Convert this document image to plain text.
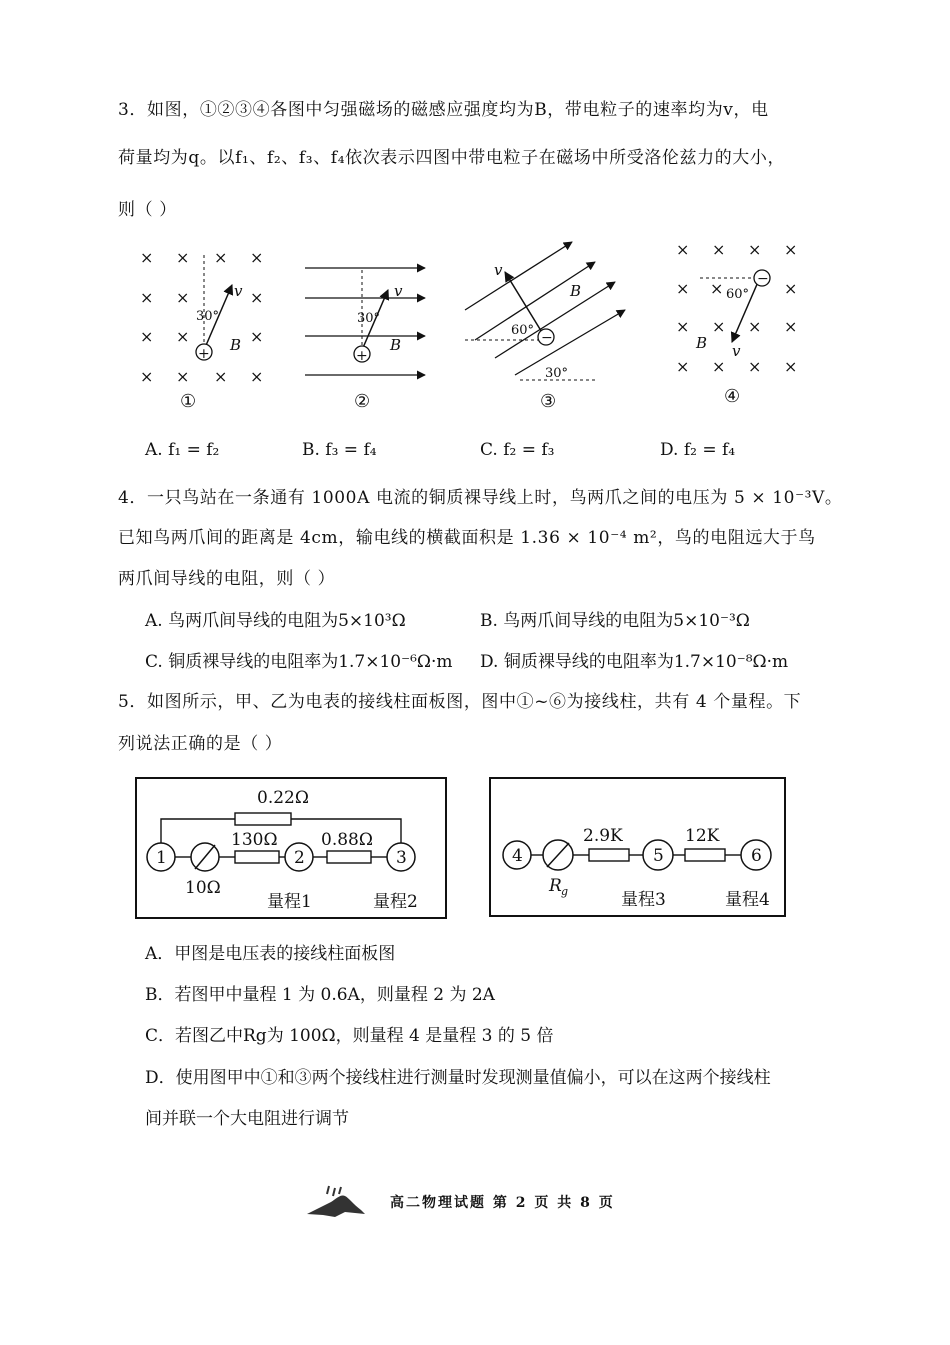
3．如图，①②③④各图中匀强磁场的磁感应强度均为B，带电粒子的速率均为v，电
荷量均为q。以f₁、f₂、f₃、f₄依次表示四图中带电粒子在磁场中所受洛伦兹力的大小，
则（ ）
× × × ×
× ×	×
× ×	×
× × × ×
+
30°
v
B
①
+
30°
v
B
②
−
60°
30°
v
B
③
× × × ×
× ×	×
× × × ×
× × × ×
−
60°
v
B
④
A. f₁ = f₂	B. f₃ = f₄	C. f₂ = f₃	D. f₂ = f₄
4．一只鸟站在一条通有 1000A 电流的铜质裸导线上时，鸟两爪之间的电压为 5 × 10⁻³V。
已知鸟两爪间的距离是 4cm，输电线的横截面积是 1.36 × 10⁻⁴ m²，鸟的电阻远大于鸟
两爪间导线的电阻，则（ ）
A. 鸟两爪间导线的电阻为5×10³Ω	B. 鸟两爪间导线的电阻为5×10⁻³Ω
C. 铜质裸导线的电阻率为1.7×10⁻⁶Ω·m D. 铜质裸导线的电阻率为1.7×10⁻⁸Ω·m
5．如图所示，甲、乙为电表的接线柱面板图，图中①~⑥为接线柱，共有 4 个量程。下
列说法正确的是（ ）
1	2	3
0.22Ω
130Ω	0.88Ω
10Ω
量程1	量程2
4	5	6
2.9K	12K
R g	量程3	量程4
A．甲图是电压表的接线柱面板图
B．若图甲中量程 1 为 0.6A，则量程 2 为 2A
C．若图乙中Rg为 100Ω，则量程 4 是量程 3 的 5 倍
D．使用图甲中①和③两个接线柱进行测量时发现测量值偏小，可以在这两个接线柱
间并联一个大电阻进行调节
高二物理试题 第 2 页 共 8 页
